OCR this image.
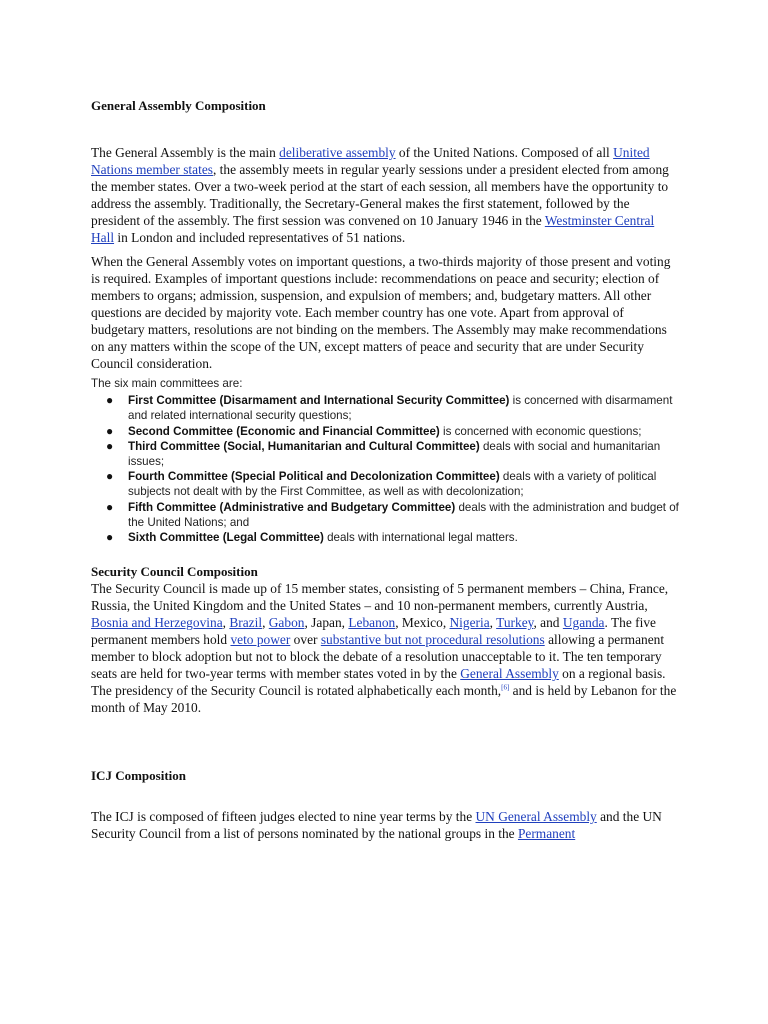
General Assembly Composition

The General Assembly is the main deliberative assembly of the United Nations. Composed of all United Nations member states, the assembly meets in regular yearly sessions under a president elected from among the member states. Over a two-week period at the start of each session, all members have the opportunity to address the assembly. Traditionally, the Secretary-General makes the first statement, followed by the president of the assembly. The first session was convened on 10 January 1946 in the Westminster Central Hall in London and included representatives of 51 nations.

When the General Assembly votes on important questions, a two-thirds majority of those present and voting is required. Examples of important questions include: recommendations on peace and security; election of members to organs; admission, suspension, and expulsion of members; and, budgetary matters. All other questions are decided by majority vote. Each member country has one vote. Apart from approval of budgetary matters, resolutions are not binding on the members. The Assembly may make recommendations on any matters within the scope of the UN, except matters of peace and security that are under Security Council consideration.

The six main committees are:

● First Committee (Disarmament and International Security Committee) is concerned with disarmament and related international security questions;
● Second Committee (Economic and Financial Committee) is concerned with economic questions;
● Third Committee (Social, Humanitarian and Cultural Committee) deals with social and humanitarian issues;
● Fourth Committee (Special Political and Decolonization Committee) deals with a variety of political subjects not dealt with by the First Committee, as well as with decolonization;
● Fifth Committee (Administrative and Budgetary Committee) deals with the administration and budget of the United Nations; and
● Sixth Committee (Legal Committee) deals with international legal matters.
Security Council Composition

The Security Council is made up of 15 member states, consisting of 5 permanent members – China, France, Russia, the United Kingdom and the United States – and 10 non-permanent members, currently Austria, Bosnia and Herzegovina, Brazil, Gabon, Japan, Lebanon, Mexico, Nigeria, Turkey, and Uganda. The five permanent members hold veto power over substantive but not procedural resolutions allowing a permanent member to block adoption but not to block the debate of a resolution unacceptable to it. The ten temporary seats are held for two-year terms with member states voted in by the General Assembly on a regional basis. The presidency of the Security Council is rotated alphabetically each month,[6] and is held by Lebanon for the month of May 2010.

ICJ Composition

The ICJ is composed of fifteen judges elected to nine year terms by the UN General Assembly and the UN Security Council from a list of persons nominated by the national groups in the Permanent
